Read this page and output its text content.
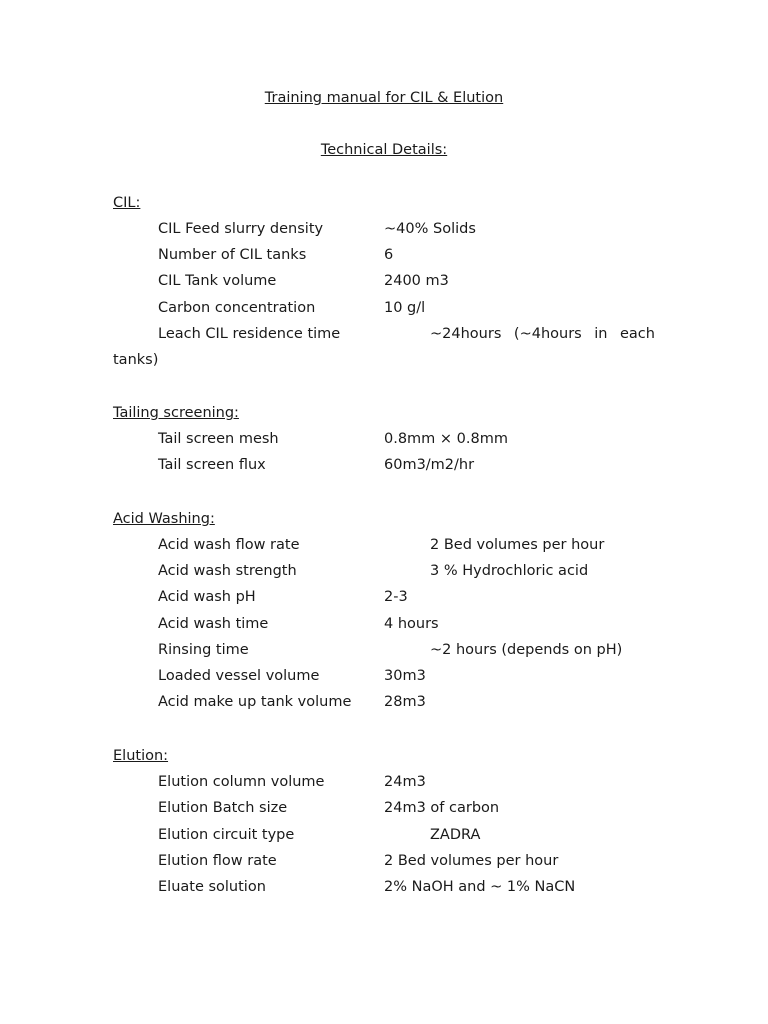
Training manual for CIL & Elution
Technical Details:
CIL:
CIL Feed slurry density	~40% Solids
Number of CIL tanks	6
CIL Tank volume	2400 m3
Carbon concentration	10 g/l
Leach CIL residence time	~24hours (~4hours in each
tanks)
Tailing screening:
Tail screen mesh	0.8mm × 0.8mm
Tail screen flux	60m3/m2/hr
Acid Washing:
Acid wash flow rate	2 Bed volumes per hour
Acid wash strength	3 % Hydrochloric acid
Acid wash pH	2-3
Acid wash time	4 hours
Rinsing time	~2 hours (depends on pH)
Loaded vessel volume	30m3
Acid make up tank volume 28m3
Elution:
Elution column volume	24m3
Elution Batch size	24m3 of carbon
Elution circuit type	ZADRA
Elution flow rate	2 Bed volumes per hour
Eluate solution	2% NaOH and ~ 1% NaCN
